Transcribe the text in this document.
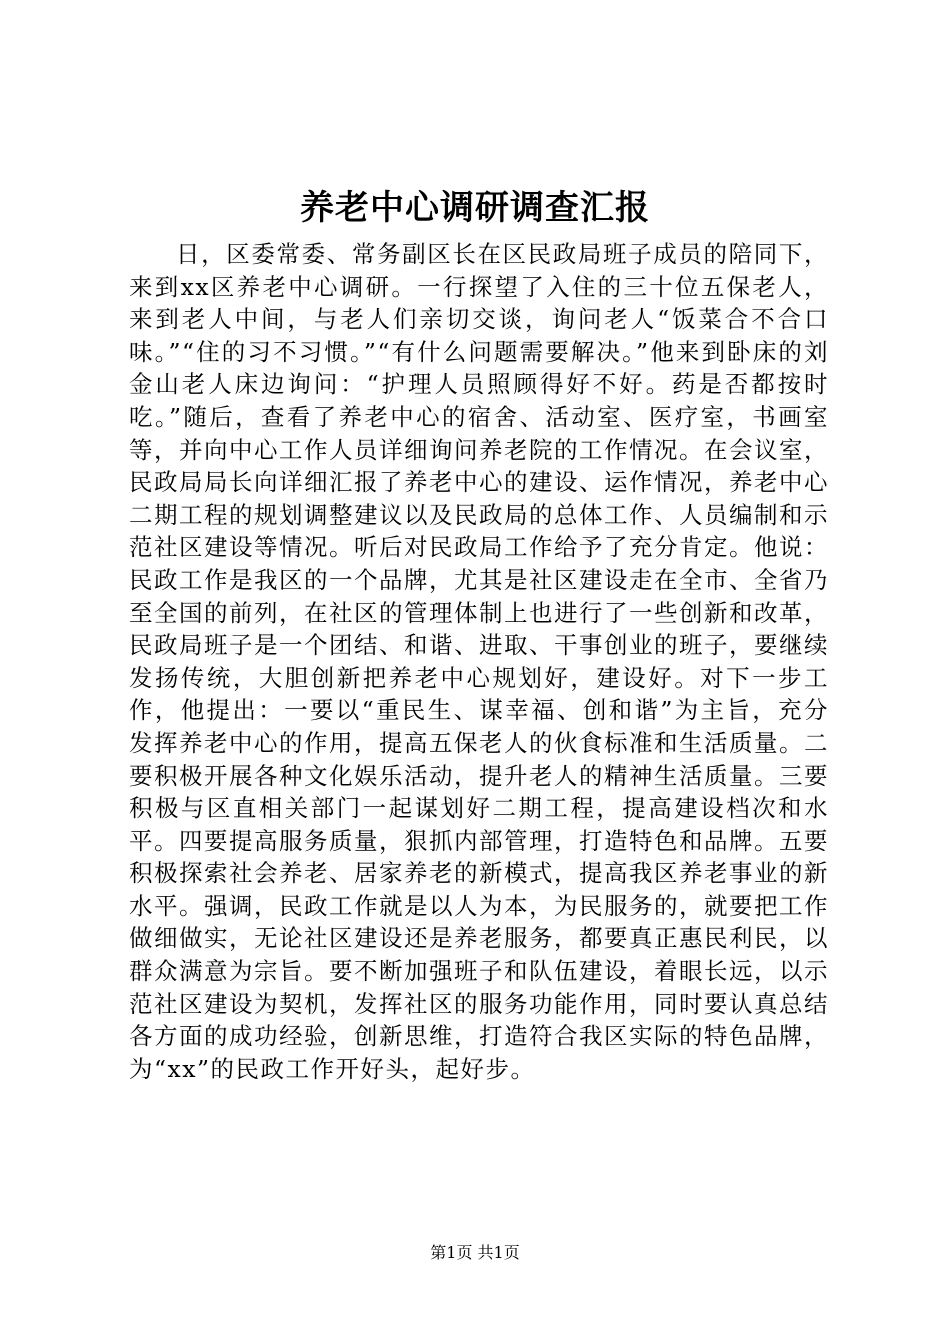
养老中心调研调查汇报

日，区委常委、常务副区长在区民政局班子成员的陪同下，来到xx区养老中心调研。一行探望了入住的三十位五保老人，来到老人中间，与老人们亲切交谈，询问老人“饭菜合不合口味。”“住的习不习惯。”“有什么问题需要解决。”他来到卧床的刘金山老人床边询问：“护理人员照顾得好不好。药是否都按时吃。”随后，查看了养老中心的宿舍、活动室、医疗室，书画室等，并向中心工作人员详细询问养老院的工作情况。在会议室，民政局局长向详细汇报了养老中心的建设、运作情况，养老中心二期工程的规划调整建议以及民政局的总体工作、人员编制和示范社区建设等情况。听后对民政局工作给予了充分肯定。他说：民政工作是我区的一个品牌，尤其是社区建设走在全市、全省乃至全国的前列，在社区的管理体制上也进行了一些创新和改革，民政局班子是一个团结、和谐、进取、干事创业的班子，要继续发扬传统，大胆创新把养老中心规划好，建设好。对下一步工作，他提出：一要以“重民生、谋幸福、创和谐”为主旨，充分发挥养老中心的作用，提高五保老人的伙食标准和生活质量。二要积极开展各种文化娱乐活动，提升老人的精神生活质量。三要积极与区直相关部门一起谋划好二期工程，提高建设档次和水平。四要提高服务质量，狠抓内部管理，打造特色和品牌。五要积极探索社会养老、居家养老的新模式，提高我区养老事业的新水平。强调，民政工作就是以人为本，为民服务的，就要把工作做细做实，无论社区建设还是养老服务，都要真正惠民利民，以群众满意为宗旨。要不断加强班子和队伍建设，着眼长远，以示范社区建设为契机，发挥社区的服务功能作用，同时要认真总结各方面的成功经验，创新思维，打造符合我区实际的特色品牌，为“xx”的民政工作开好头，起好步。

第1页 共1页
